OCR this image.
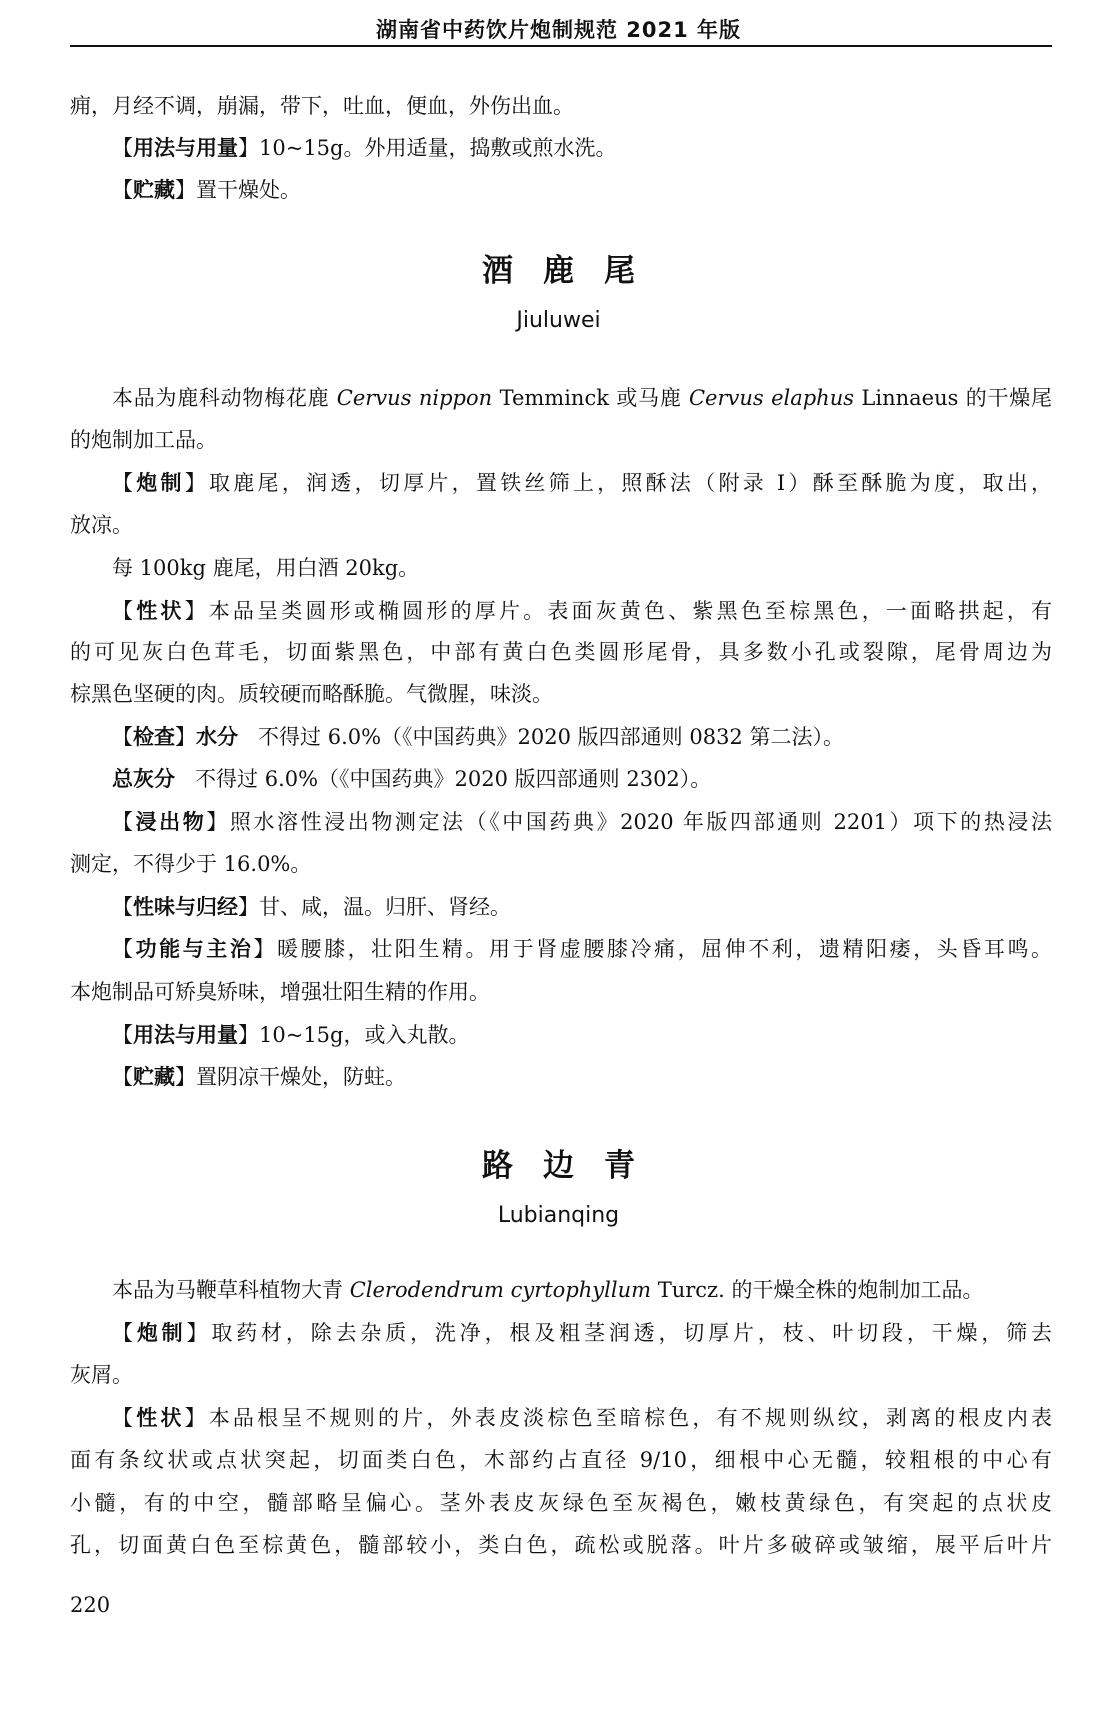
湖南省中药饮片炮制规范 2021 年版
痈，月经不调，崩漏，带下，吐血，便血，外伤出血。
【用法与用量】10~15g。外用适量，捣敷或煎水洗。
【贮藏】置干燥处。
酒鹿尾
Jiuluwei
本品为鹿科动物梅花鹿 Cervus nippon Temminck 或马鹿 Cervus elaphus Linnaeus 的干燥尾
的炮制加工品。
【炮制】取鹿尾，润透，切厚片，置铁丝筛上，照酥法（附录 Ⅰ）酥至酥脆为度，取出，
放凉。
每 100kg 鹿尾，用白酒 20kg。
【性状】本品呈类圆形或椭圆形的厚片。表面灰黄色、紫黑色至棕黑色，一面略拱起，有
的可见灰白色茸毛，切面紫黑色，中部有黄白色类圆形尾骨，具多数小孔或裂隙，尾骨周边为
棕黑色坚硬的肉。质较硬而略酥脆。气微腥，味淡。
【检查】水分 不得过 6.0%（《中国药典》2020 版四部通则 0832 第二法）。
总灰分 不得过 6.0%（《中国药典》2020 版四部通则 2302）。
【浸出物】照水溶性浸出物测定法（《中国药典》2020 年版四部通则 2201）项下的热浸法
测定，不得少于 16.0%。
【性味与归经】甘、咸，温。归肝、肾经。
【功能与主治】暖腰膝，壮阳生精。用于肾虚腰膝冷痛，屈伸不利，遗精阳痿，头昏耳鸣。
本炮制品可矫臭矫味，增强壮阳生精的作用。
【用法与用量】10~15g，或入丸散。
【贮藏】置阴凉干燥处，防蛀。
路边青
Lubianqing
本品为马鞭草科植物大青 Clerodendrum cyrtophyllum Turcz. 的干燥全株的炮制加工品。
【炮制】取药材，除去杂质，洗净，根及粗茎润透，切厚片，枝、叶切段，干燥，筛去
灰屑。
【性状】本品根呈不规则的片，外表皮淡棕色至暗棕色，有不规则纵纹，剥离的根皮内表
面有条纹状或点状突起，切面类白色，木部约占直径 9/10，细根中心无髓，较粗根的中心有
小髓，有的中空，髓部略呈偏心。茎外表皮灰绿色至灰褐色，嫩枝黄绿色，有突起的点状皮
孔，切面黄白色至棕黄色，髓部较小，类白色，疏松或脱落。叶片多破碎或皱缩，展平后叶片
220
